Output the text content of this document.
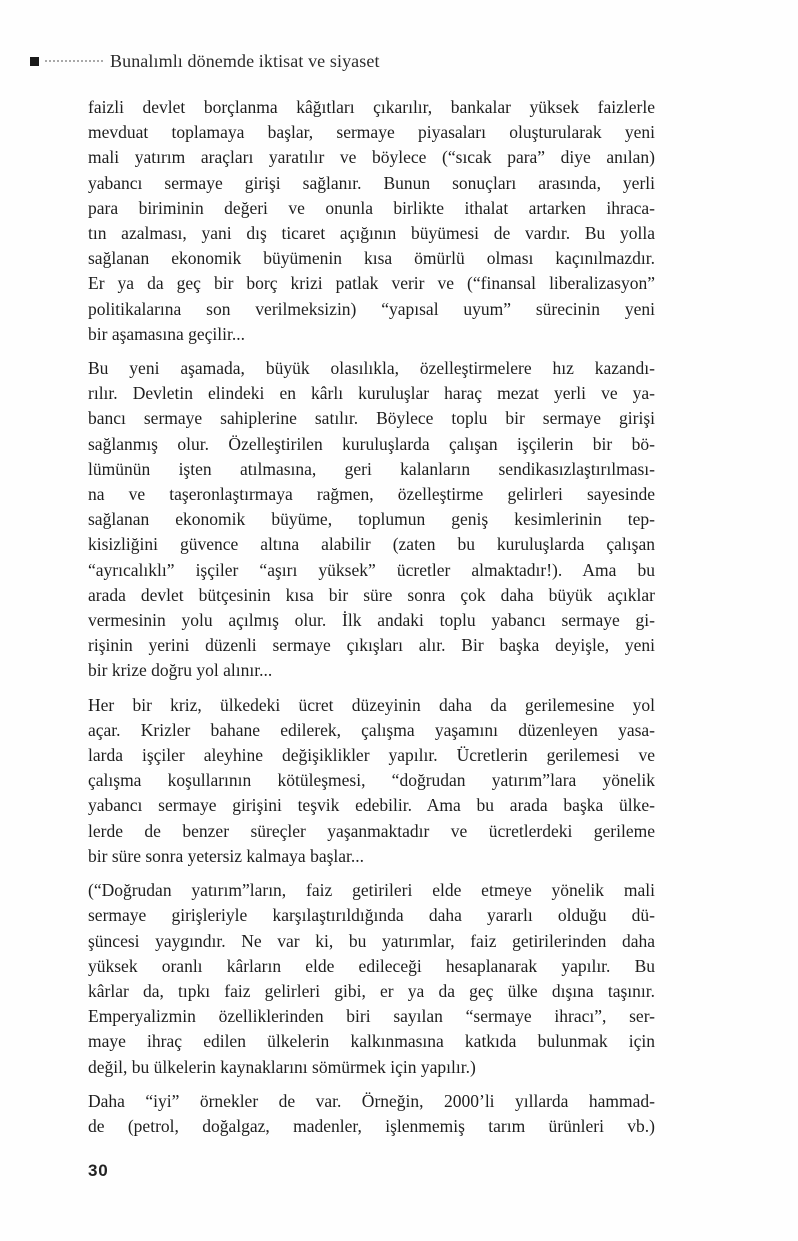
Bunalımlı dönemde iktisat ve siyaset
faizli devlet borçlanma kâğıtları çıkarılır, bankalar yüksek faizlerle
mevduat toplamaya başlar, sermaye piyasaları oluşturularak yeni
mali yatırım araçları yaratılır ve böylece (“sıcak para” diye anılan)
yabancı sermaye girişi sağlanır. Bunun sonuçları arasında, yerli
para biriminin değeri ve onunla birlikte ithalat artarken ihraca-
tın azalması, yani dış ticaret açığının büyümesi de vardır. Bu yolla
sağlanan ekonomik büyümenin kısa ömürlü olması kaçınılmazdır.
Er ya da geç bir borç krizi patlak verir ve (“finansal liberalizasyon”
politikalarına son verilmeksizin) “yapısal uyum” sürecinin yeni
bir aşamasına geçilir...
Bu yeni aşamada, büyük olasılıkla, özelleştirmelere hız kazandı-
rılır. Devletin elindeki en kârlı kuruluşlar haraç mezat yerli ve ya-
bancı sermaye sahiplerine satılır. Böylece toplu bir sermaye girişi
sağlanmış olur. Özelleştirilen kuruluşlarda çalışan işçilerin bir bö-
lümünün işten atılmasına, geri kalanların sendikasızlaştırılması-
na ve taşeronlaştırmaya rağmen, özelleştirme gelirleri sayesinde
sağlanan ekonomik büyüme, toplumun geniş kesimlerinin tep-
kisizliğini güvence altına alabilir (zaten bu kuruluşlarda çalışan
“ayrıcalıklı” işçiler “aşırı yüksek” ücretler almaktadır!). Ama bu
arada devlet bütçesinin kısa bir süre sonra çok daha büyük açıklar
vermesinin yolu açılmış olur. İlk andaki toplu yabancı sermaye gi-
rişinin yerini düzenli sermaye çıkışları alır. Bir başka deyişle, yeni
bir krize doğru yol alınır...
Her bir kriz, ülkedeki ücret düzeyinin daha da gerilemesine yol
açar. Krizler bahane edilerek, çalışma yaşamını düzenleyen yasa-
larda işçiler aleyhine değişiklikler yapılır. Ücretlerin gerilemesi ve
çalışma koşullarının kötüleşmesi, “doğrudan yatırım”lara yönelik
yabancı sermaye girişini teşvik edebilir. Ama bu arada başka ülke-
lerde de benzer süreçler yaşanmaktadır ve ücretlerdeki gerileme
bir süre sonra yetersiz kalmaya başlar...
(“Doğrudan yatırım”ların, faiz getirileri elde etmeye yönelik mali
sermaye girişleriyle karşılaştırıldığında daha yararlı olduğu dü-
şüncesi yaygındır. Ne var ki, bu yatırımlar, faiz getirilerinden daha
yüksek oranlı kârların elde edileceği hesaplanarak yapılır. Bu
kârlar da, tıpkı faiz gelirleri gibi, er ya da geç ülke dışına taşınır.
Emperyalizmin özelliklerinden biri sayılan “sermaye ihracı”, ser-
maye ihraç edilen ülkelerin kalkınmasına katkıda bulunmak için
değil, bu ülkelerin kaynaklarını sömürmek için yapılır.)
Daha “iyi” örnekler de var. Örneğin, 2000’li yıllarda hammad-
de (petrol, doğalgaz, madenler, işlenmemiş tarım ürünleri vb.)
30
